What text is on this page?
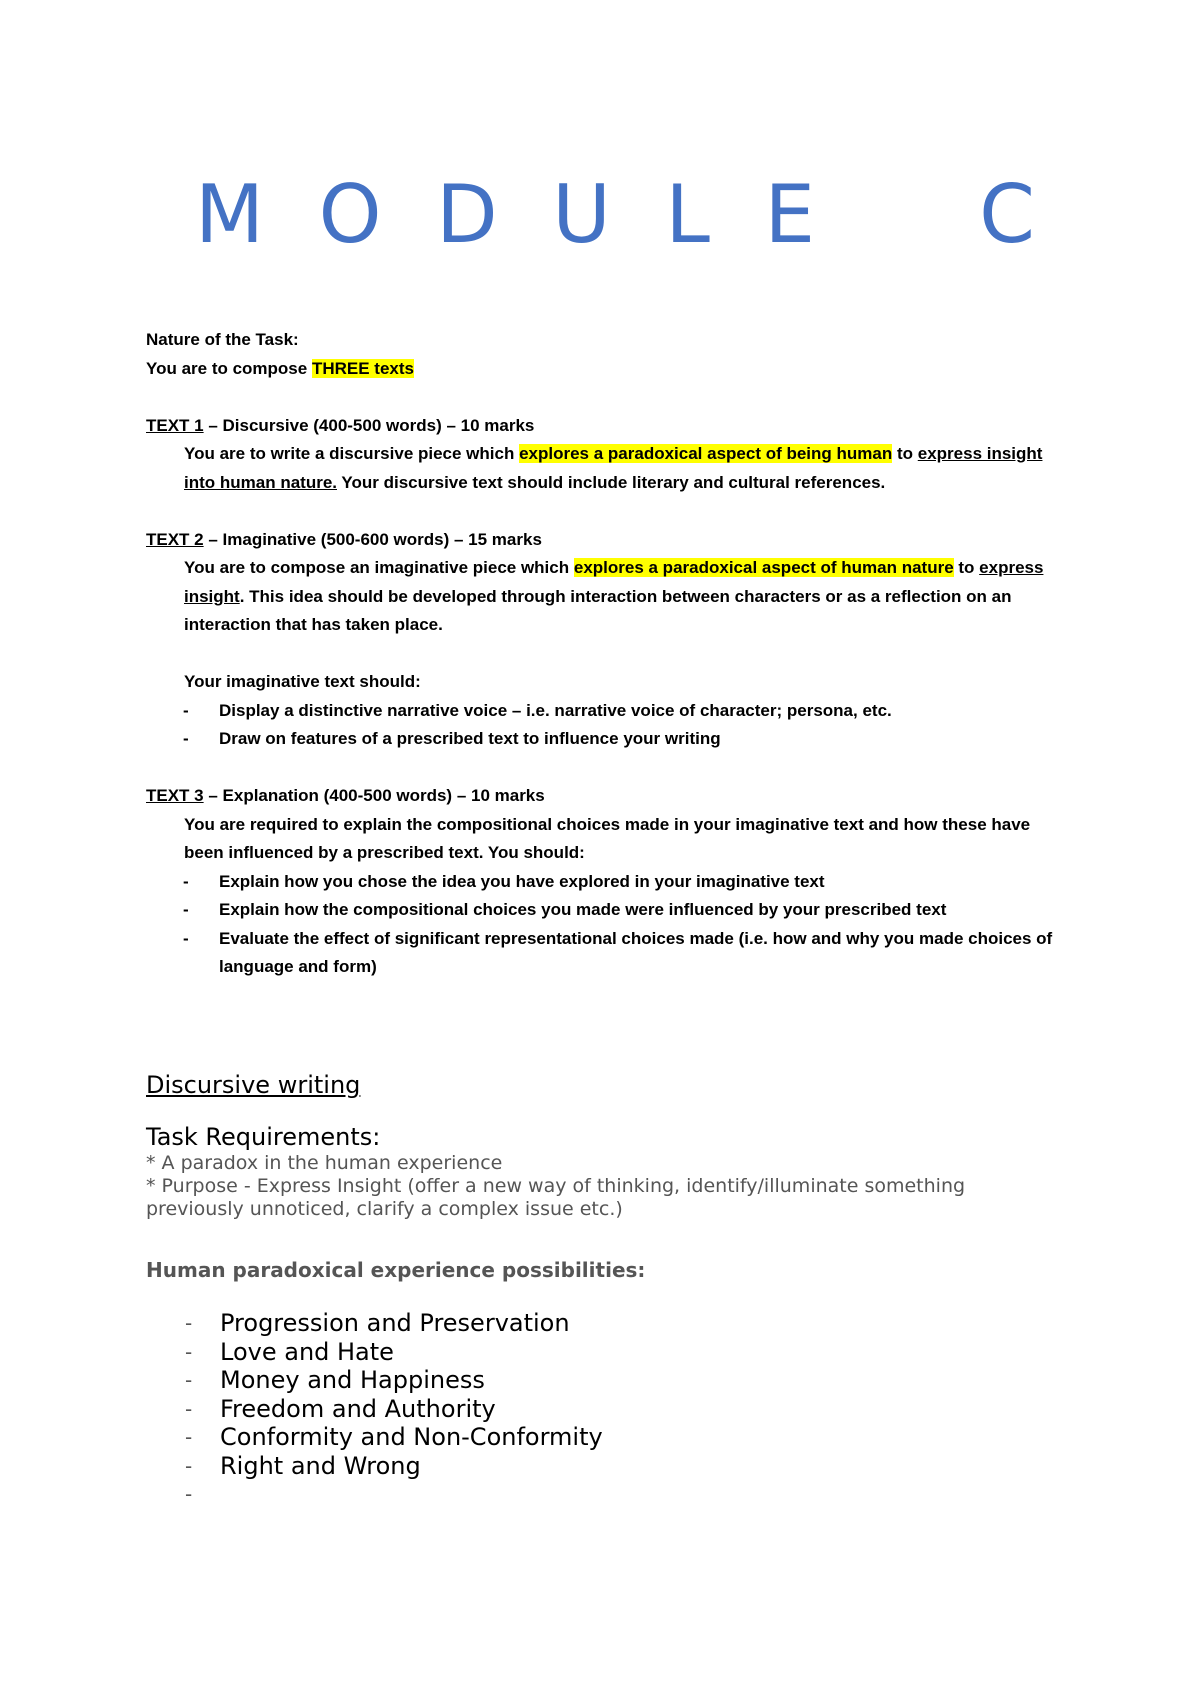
M O D U L E C

Nature of the Task:

You are to compose THREE texts

TEXT 1 – Discursive (400-500 words) – 10 marks

You are to write a discursive piece which explores a paradoxical aspect of being human to express insight into human nature. Your discursive text should include literary and cultural references.

TEXT 2 – Imaginative (500-600 words) – 15 marks

You are to compose an imaginative piece which explores a paradoxical aspect of human nature to express insight. This idea should be developed through interaction between characters or as a reflection on an interaction that has taken place.

Your imaginative text should:

- Display a distinctive narrative voice – i.e. narrative voice of character; persona, etc.

- Draw on features of a prescribed text to influence your writing

TEXT 3 – Explanation (400-500 words) – 10 marks

You are required to explain the compositional choices made in your imaginative text and how these have been influenced by a prescribed text. You should:

- Explain how you chose the idea you have explored in your imaginative text

- Explain how the compositional choices you made were influenced by your prescribed text

- Evaluate the effect of significant representational choices made (i.e. how and why you made choices of language and form)

Discursive writing

Task Requirements:

* A paradox in the human experience

* Purpose - Express Insight (offer a new way of thinking, identify/illuminate something previously unnoticed, clarify a complex issue etc.)

Human paradoxical experience possibilities:

- Progression and Preservation
- Love and Hate
- Money and Happiness
- Freedom and Authority
- Conformity and Non-Conformity
- Right and Wrong
-
